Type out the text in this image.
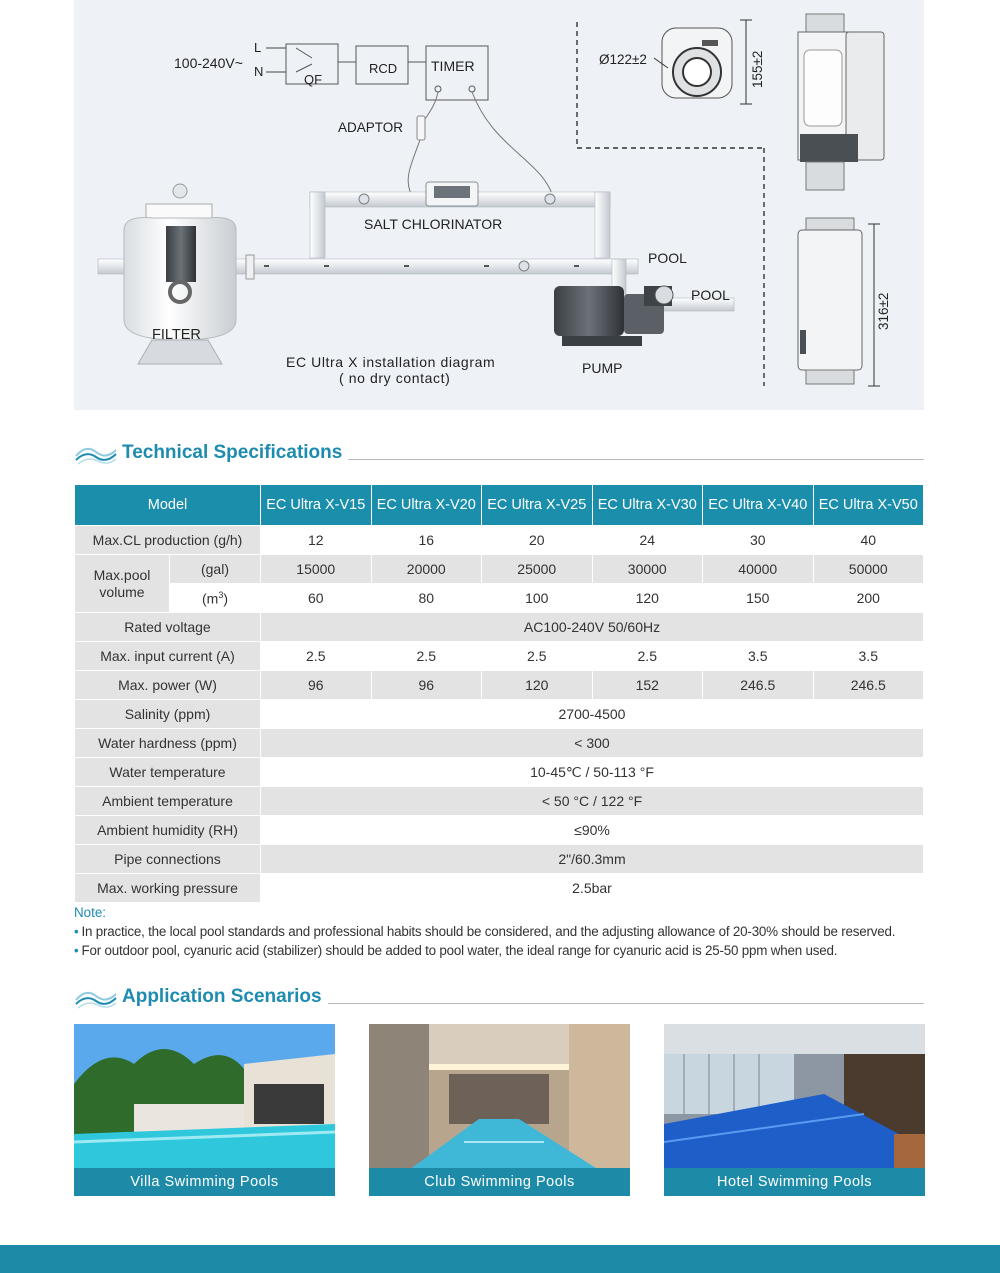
100-240V~
L
N
QF
RCD TIMER
ADAPTOR
SALT CHLORINATOR
POOL
POOL
FILTER
PUMP
EC Ultra X installation diagram
( no dry contact)
Ø122±2	155±2
316±2
Technical Specifications
Model		EC Ultra X-V15	EC Ultra X-V20	EC Ultra X-V25	EC Ultra X-V30	EC Ultra X-V40	EC Ultra X-V50
Max.CL production (g/h)		12	16	20	24	30	40
Max.pool volume	(gal)	15000	20000	25000	30000	40000	50000
	$(m^3)$	60	80	100	120	150	200
Rated voltage		AC100-240V 50/60Hz					
Max. input current (A)		2.5	2.5	2.5	2.5	3.5	3.5
Max. power (W)		96	96	120	152	246.5	246.5
Salinity (ppm)		2700-4500					
Water hardness (ppm)		< 300					
Water temperature		10-45℃ / 50-113 °F					
Ambient temperature		< 50 °C / 122 °F					
Ambient humidity (RH)		≤90%					
Pipe connections		2"/60.3mm					
Max. working pressure		2.5bar					
Note:
• In practice, the local pool standards and professional habits should be considered, and the adjusting allowance of 20-30% should be reserved.
• For outdoor pool, cyanuric acid (stabilizer) should be added to pool water, the ideal range for cyanuric acid is 25-50 ppm when used.
Application Scenarios
Villa Swimming Pools	Club Swimming Pools	Hotel Swimming Pools
